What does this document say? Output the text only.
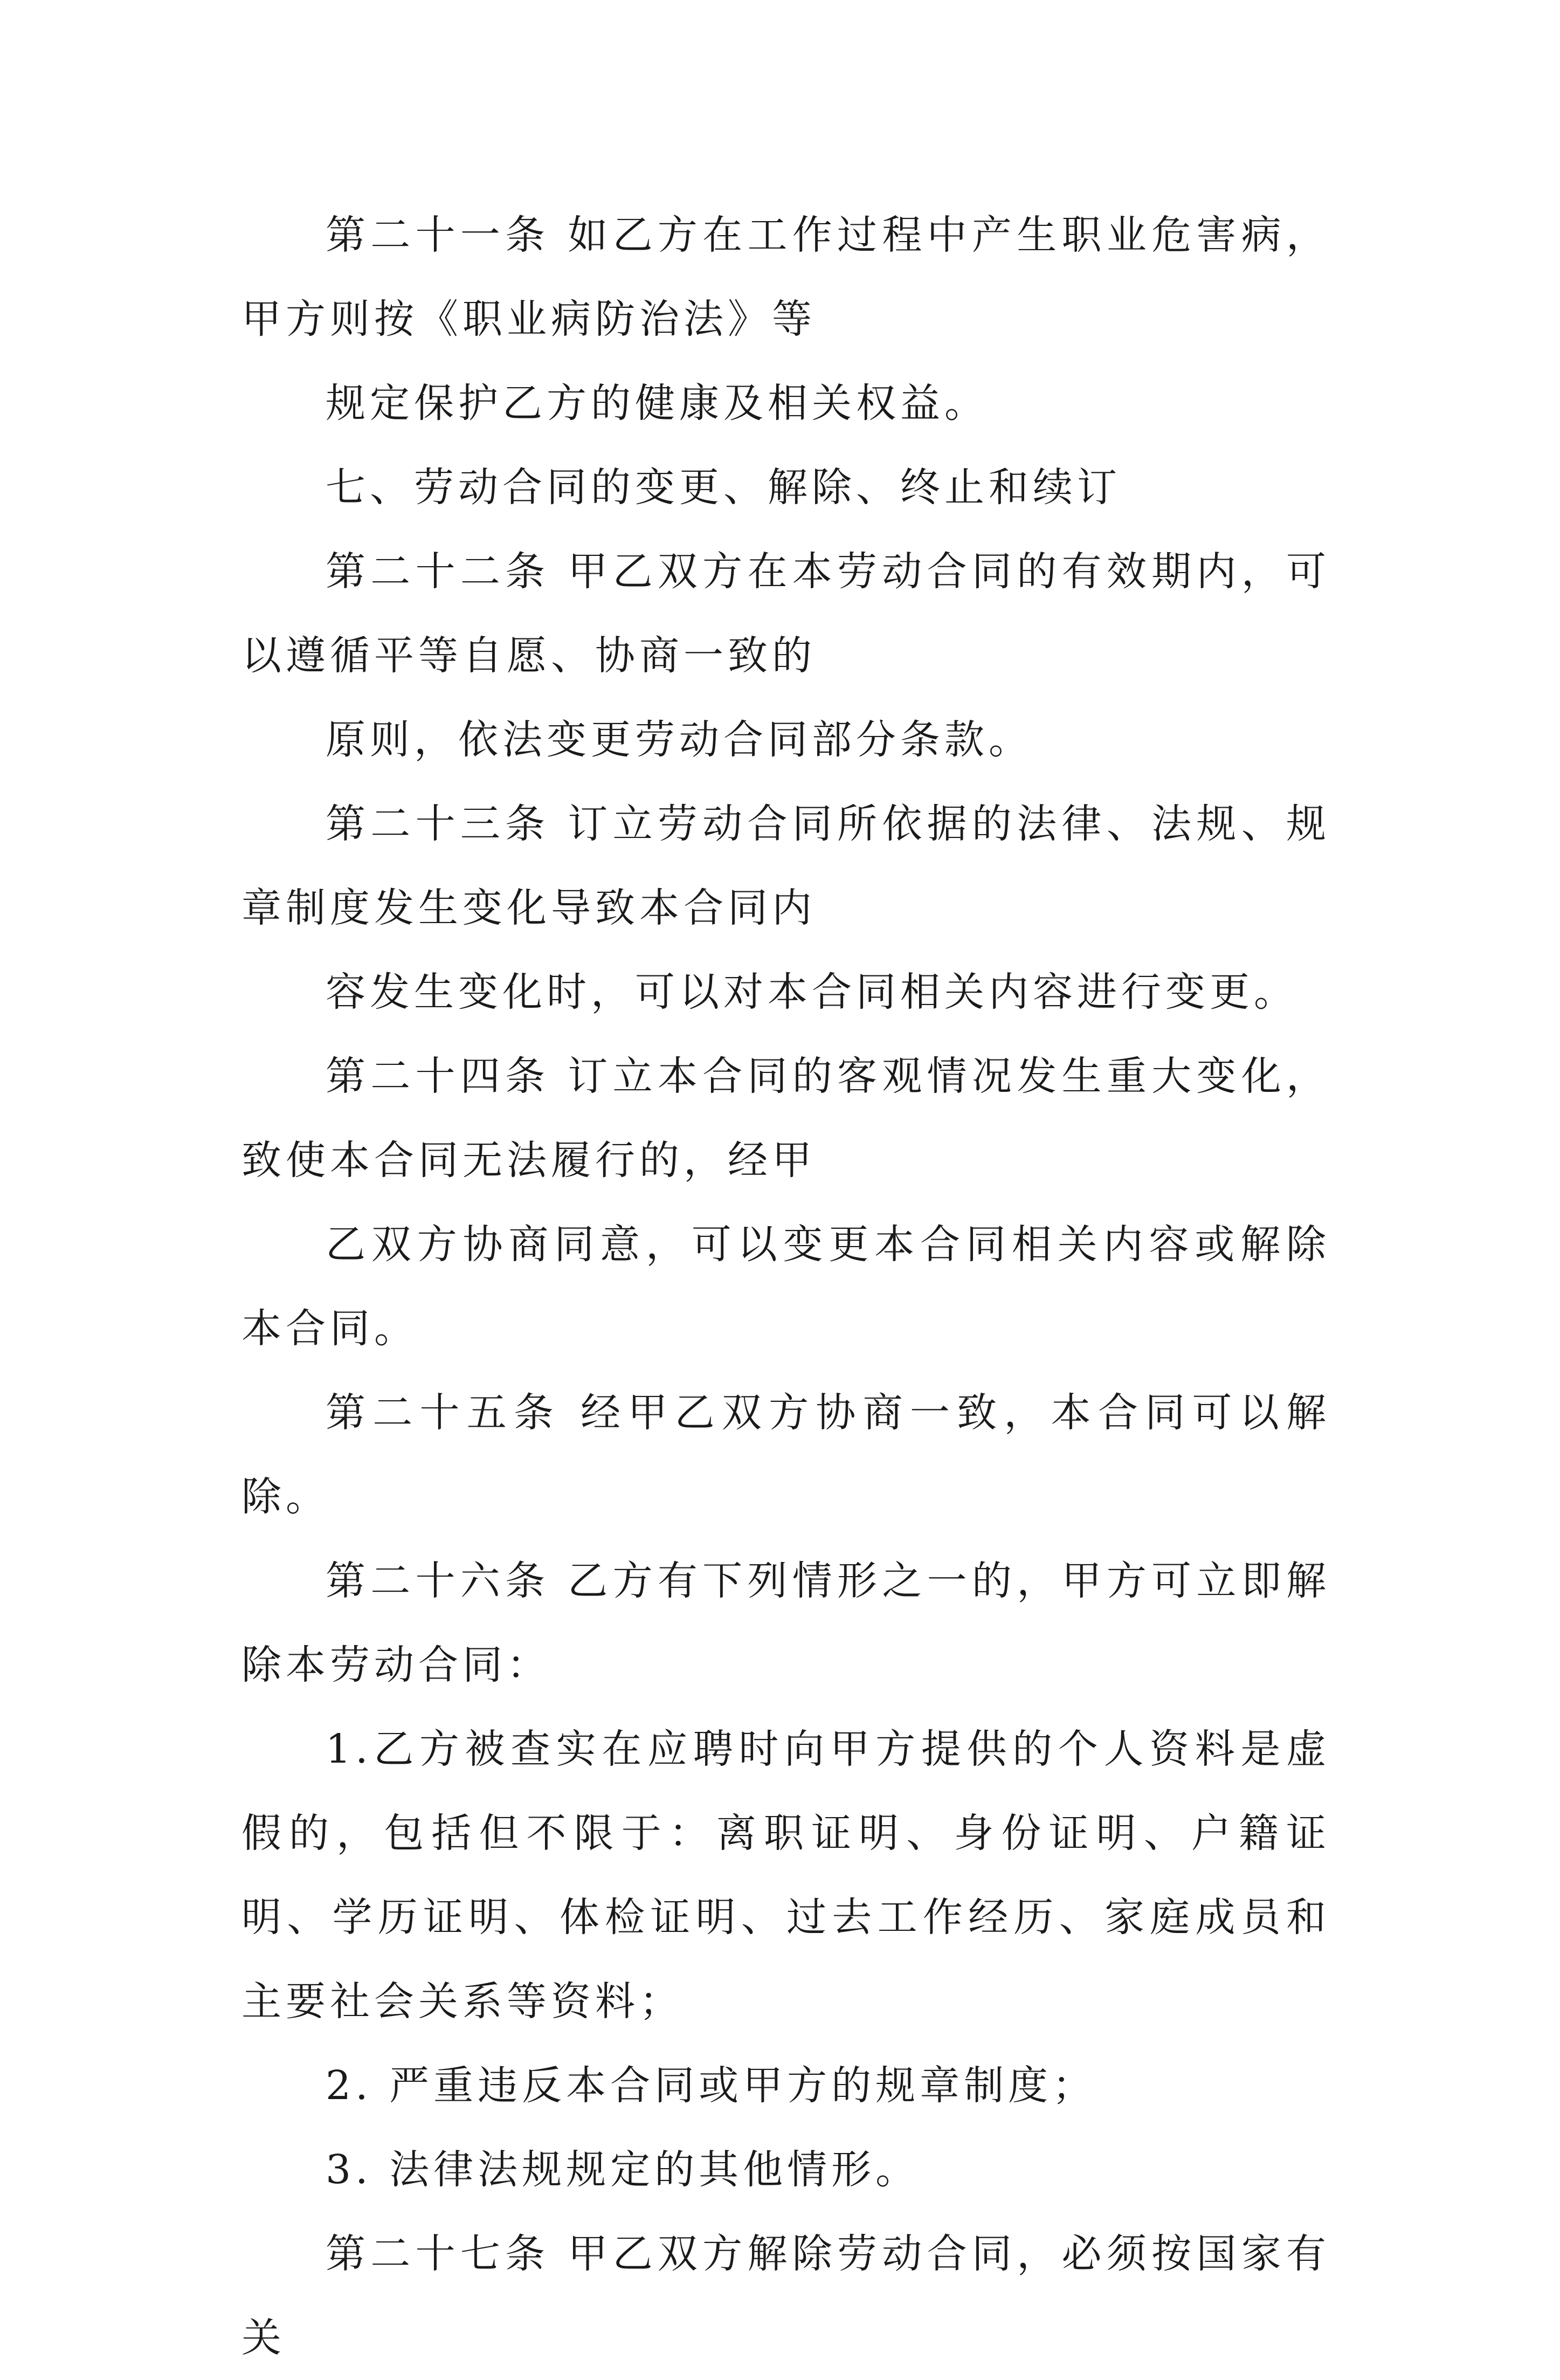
第二十一条 如乙方在工作过程中产生职业危害病，甲方则按《职业病防治法》等

规定保护乙方的健康及相关权益。

七、劳动合同的变更、解除、终止和续订

第二十二条 甲乙双方在本劳动合同的有效期内，可以遵循平等自愿、协商一致的

原则，依法变更劳动合同部分条款。

第二十三条 订立劳动合同所依据的法律、法规、规章制度发生变化导致本合同内

容发生变化时，可以对本合同相关内容进行变更。

第二十四条 订立本合同的客观情况发生重大变化，致使本合同无法履行的，经甲

乙双方协商同意，可以变更本合同相关内容或解除本合同。

第二十五条 经甲乙双方协商一致，本合同可以解除。

第二十六条 乙方有下列情形之一的，甲方可立即解除本劳动合同：

1.乙方被查实在应聘时向甲方提供的个人资料是虚假的，包括但不限于：离职证明、身份证明、户籍证明、学历证明、体检证明、过去工作经历、家庭成员和主要社会关系等资料；

2. 严重违反本合同或甲方的规章制度；

3. 法律法规规定的其他情形。

第二十七条 甲乙双方解除劳动合同，必须按国家有关
